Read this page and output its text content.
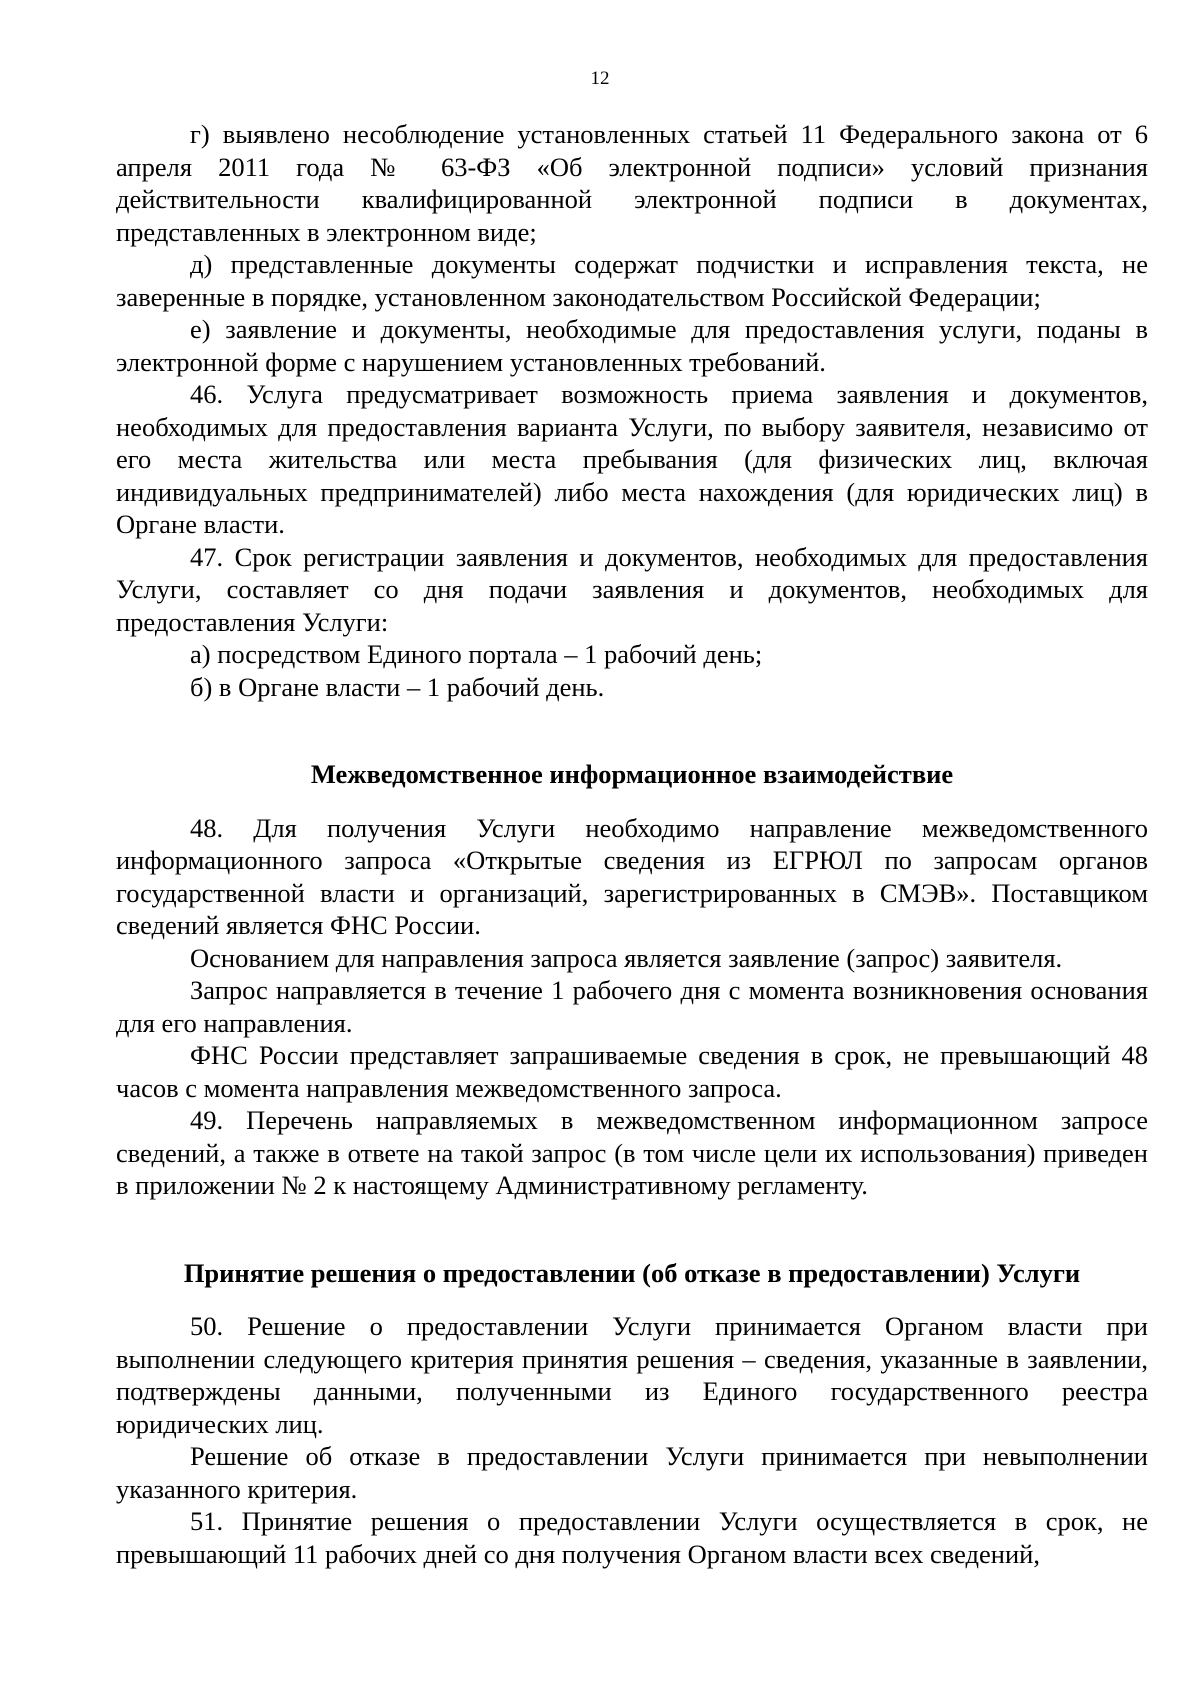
12

г) выявлено несоблюдение установленных статьей 11 Федерального закона от 6 апреля 2011 года № 63-ФЗ «Об электронной подписи» условий признания действительности квалифицированной электронной подписи в документах, представленных в электронном виде;

д) представленные документы содержат подчистки и исправления текста, не заверенные в порядке, установленном законодательством Российской Федерации;

е) заявление и документы, необходимые для предоставления услуги, поданы в электронной форме с нарушением установленных требований.

46. Услуга предусматривает возможность приема заявления и документов, необходимых для предоставления варианта Услуги, по выбору заявителя, независимо от его места жительства или места пребывания (для физических лиц, включая индивидуальных предпринимателей) либо места нахождения (для юридических лиц) в Органе власти.

47. Срок регистрации заявления и документов, необходимых для предоставления Услуги, составляет со дня подачи заявления и документов, необходимых для предоставления Услуги:

а) посредством Единого портала – 1 рабочий день;

б) в Органе власти – 1 рабочий день.

Межведомственное информационное взаимодействие

48. Для получения Услуги необходимо направление межведомственного информационного запроса «Открытые сведения из ЕГРЮЛ по запросам органов государственной власти и организаций, зарегистрированных в СМЭВ». Поставщиком сведений является ФНС России.

Основанием для направления запроса является заявление (запрос) заявителя.

Запрос направляется в течение 1 рабочего дня с момента возникновения основания для его направления.

ФНС России представляет запрашиваемые сведения в срок, не превышающий 48 часов с момента направления межведомственного запроса.

49. Перечень направляемых в межведомственном информационном запросе сведений, а также в ответе на такой запрос (в том числе цели их использования) приведен в приложении № 2 к настоящему Административному регламенту.

Принятие решения о предоставлении (об отказе в предоставлении) Услуги

50. Решение о предоставлении Услуги принимается Органом власти при выполнении следующего критерия принятия решения – сведения, указанные в заявлении, подтверждены данными, полученными из Единого государственного реестра юридических лиц.

Решение об отказе в предоставлении Услуги принимается при невыполнении указанного критерия.

51. Принятие решения о предоставлении Услуги осуществляется в срок, не превышающий 11 рабочих дней со дня получения Органом власти всех сведений,
